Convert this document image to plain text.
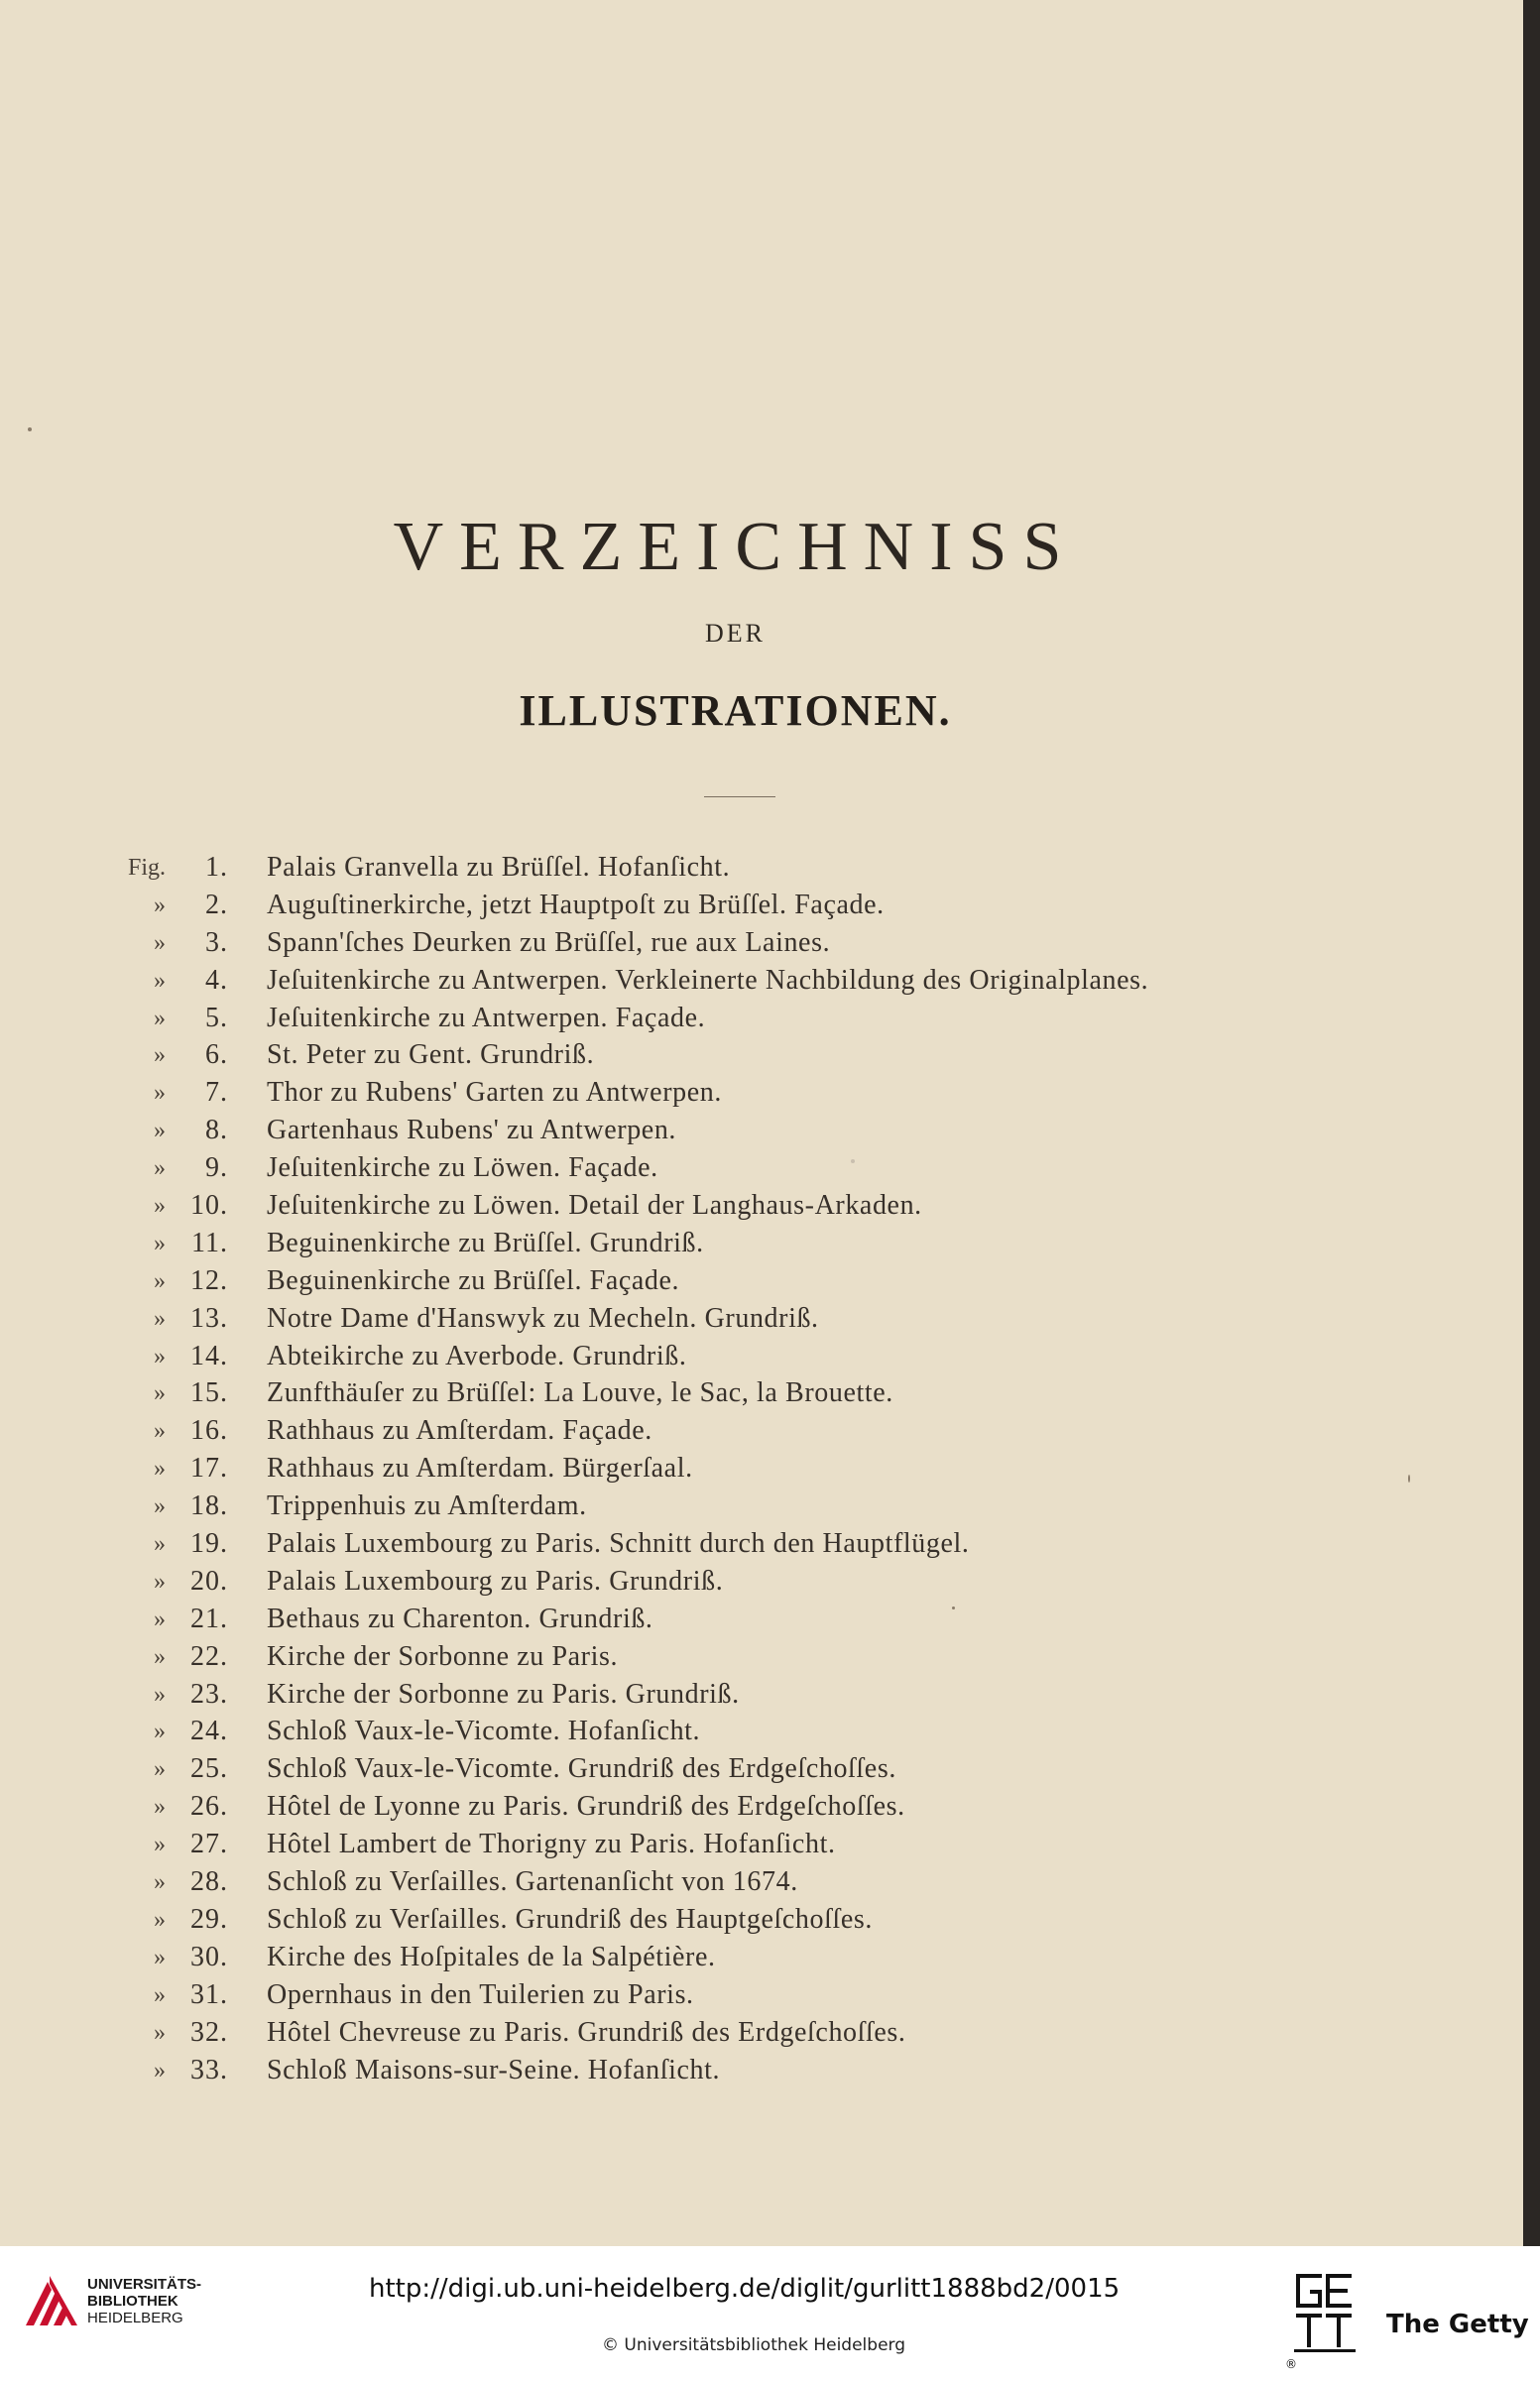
VERZEICHNISS
DER
ILLUSTRATIONEN.
Fig. 1. Palais Granvella zu Brüſſel. Hofanſicht.
» 2. Auguſtinerkirche, jetzt Hauptpoſt zu Brüſſel. Façade.
» 3. Spann'ſches Deurken zu Brüſſel, rue aux Laines.
» 4. Jeſuitenkirche zu Antwerpen. Verkleinerte Nachbildung des Originalplanes.
» 5. Jeſuitenkirche zu Antwerpen. Façade.
» 6. St. Peter zu Gent. Grundriß.
» 7. Thor zu Rubens' Garten zu Antwerpen.
» 8. Gartenhaus Rubens' zu Antwerpen.
» 9. Jeſuitenkirche zu Löwen. Façade.
» 10. Jeſuitenkirche zu Löwen. Detail der Langhaus-Arkaden.
» 11. Beguinenkirche zu Brüſſel. Grundriß.
» 12. Beguinenkirche zu Brüſſel. Façade.
» 13. Notre Dame d'Hanswyk zu Mecheln. Grundriß.
» 14. Abteikirche zu Averbode. Grundriß.
» 15. Zunfthäuſer zu Brüſſel: La Louve, le Sac, la Brouette.
» 16. Rathhaus zu Amſterdam. Façade.
» 17. Rathhaus zu Amſterdam. Bürgerſaal.
» 18. Trippenhuis zu Amſterdam.
» 19. Palais Luxembourg zu Paris. Schnitt durch den Hauptflügel.
» 20. Palais Luxembourg zu Paris. Grundriß.
» 21. Bethaus zu Charenton. Grundriß.
» 22. Kirche der Sorbonne zu Paris.
» 23. Kirche der Sorbonne zu Paris. Grundriß.
» 24. Schloß Vaux-le-Vicomte. Hofanſicht.
» 25. Schloß Vaux-le-Vicomte. Grundriß des Erdgeſchoſſes.
» 26. Hôtel de Lyonne zu Paris. Grundriß des Erdgeſchoſſes.
» 27. Hôtel Lambert de Thorigny zu Paris. Hofanſicht.
» 28. Schloß zu Verſailles. Gartenanſicht von 1674.
» 29. Schloß zu Verſailles. Grundriß des Hauptgeſchoſſes.
» 30. Kirche des Hoſpitales de la Salpétière.
» 31. Opernhaus in den Tuilerien zu Paris.
» 32. Hôtel Chevreuse zu Paris. Grundriß des Erdgeſchoſſes.
» 33. Schloß Maisons-sur-Seine. Hofanſicht.
UNIVERSITÄTS-
BIBLIOTHEK
HEIDELBERG
http://digi.ub.uni-heidelberg.de/diglit/gurlitt1888bd2/0015
© Universitätsbibliothek Heidelberg
®
The Getty
